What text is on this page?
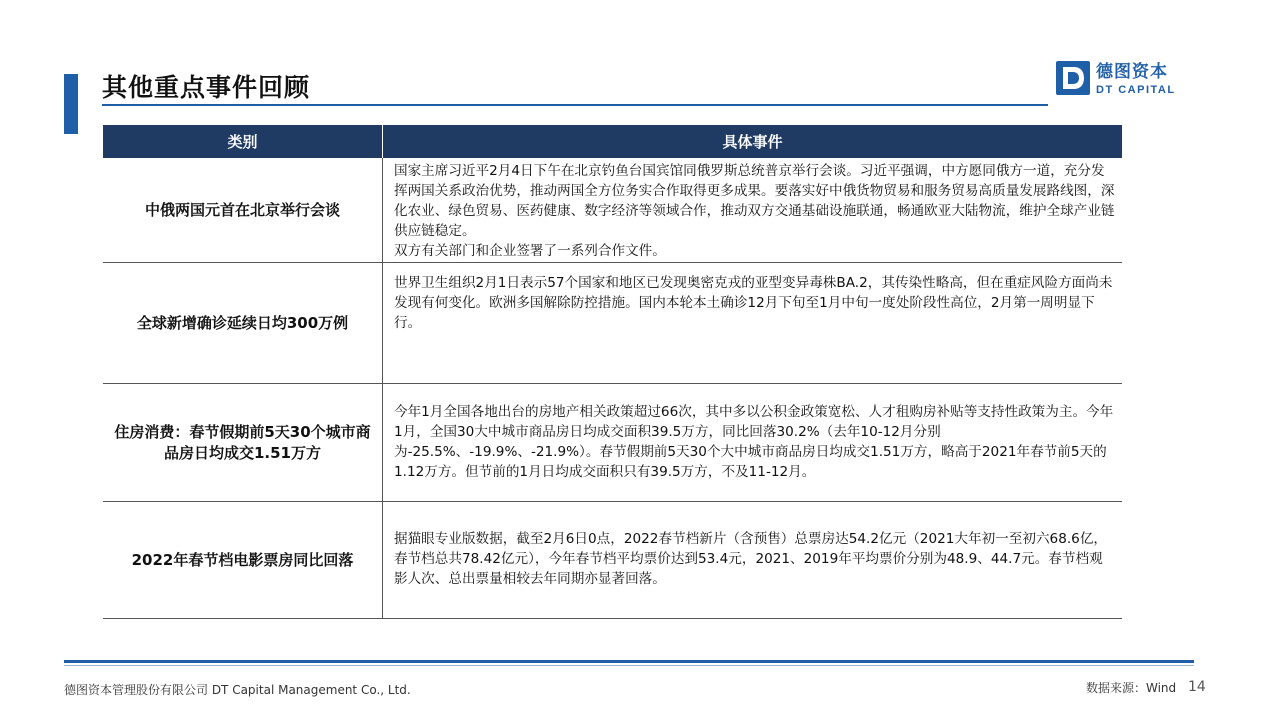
其他重点事件回顾
德图资本
DT CAPITAL
类别	具体事件
中俄两国元首在北京举行会谈	国家主席习近平2月4日下午在北京钓鱼台国宾馆同俄罗斯总统普京举行会谈。习近平强调，中方愿同俄方一道，充分发挥两国关系政治优势，推动两国全方位务实合作取得更多成果。要落实好中俄货物贸易和服务贸易高质量发展路线图，深化农业、绿色贸易、医药健康、数字经济等领域合作，推动双方交通基础设施联通，畅通欧亚大陆物流，维护全球产业链供应链稳定。
双方有关部门和企业签署了一系列合作文件。

全球新增确诊延续日均300万例	世界卫生组织2月1日表示57个国家和地区已发现奥密克戎的亚型变异毒株BA.2，其传染性略高，但在重症风险方面尚未发现有何变化。欧洲多国解除防控措施。国内本轮本土确诊12月下旬至1月中旬一度处阶段性高位，2月第一周明显下行。

住房消费：春节假期前5天30个城市商品房日均成交1.51万方	今年1月全国各地出台的房地产相关政策超过66次，其中多以公积金政策宽松、人才租购房补贴等支持性政策为主。今年1月，全国30大中城市商品房日均成交面积39.5万方，同比回落30.2%（去年10-12月分别为-25.5%、-19.9%、-21.9%）。春节假期前5天30个大中城市商品房日均成交1.51万方，略高于2021年春节前5天的1.12万方。但节前的1月日均成交面积只有39.5万方，不及11-12月。

2022年春节档电影票房同比回落	据猫眼专业版数据，截至2月6日0点，2022春节档新片（含预售）总票房达54.2亿元（2021大年初一至初六68.6亿，春节档总共78.42亿元），今年春节档平均票价达到53.4元，2021、2019年平均票价分别为48.9、44.7元。春节档观影人次、总出票量相较去年同期亦显著回落。
德图资本管理股份有限公司 DT Capital Management Co., Ltd.	数据来源：Wind 14
